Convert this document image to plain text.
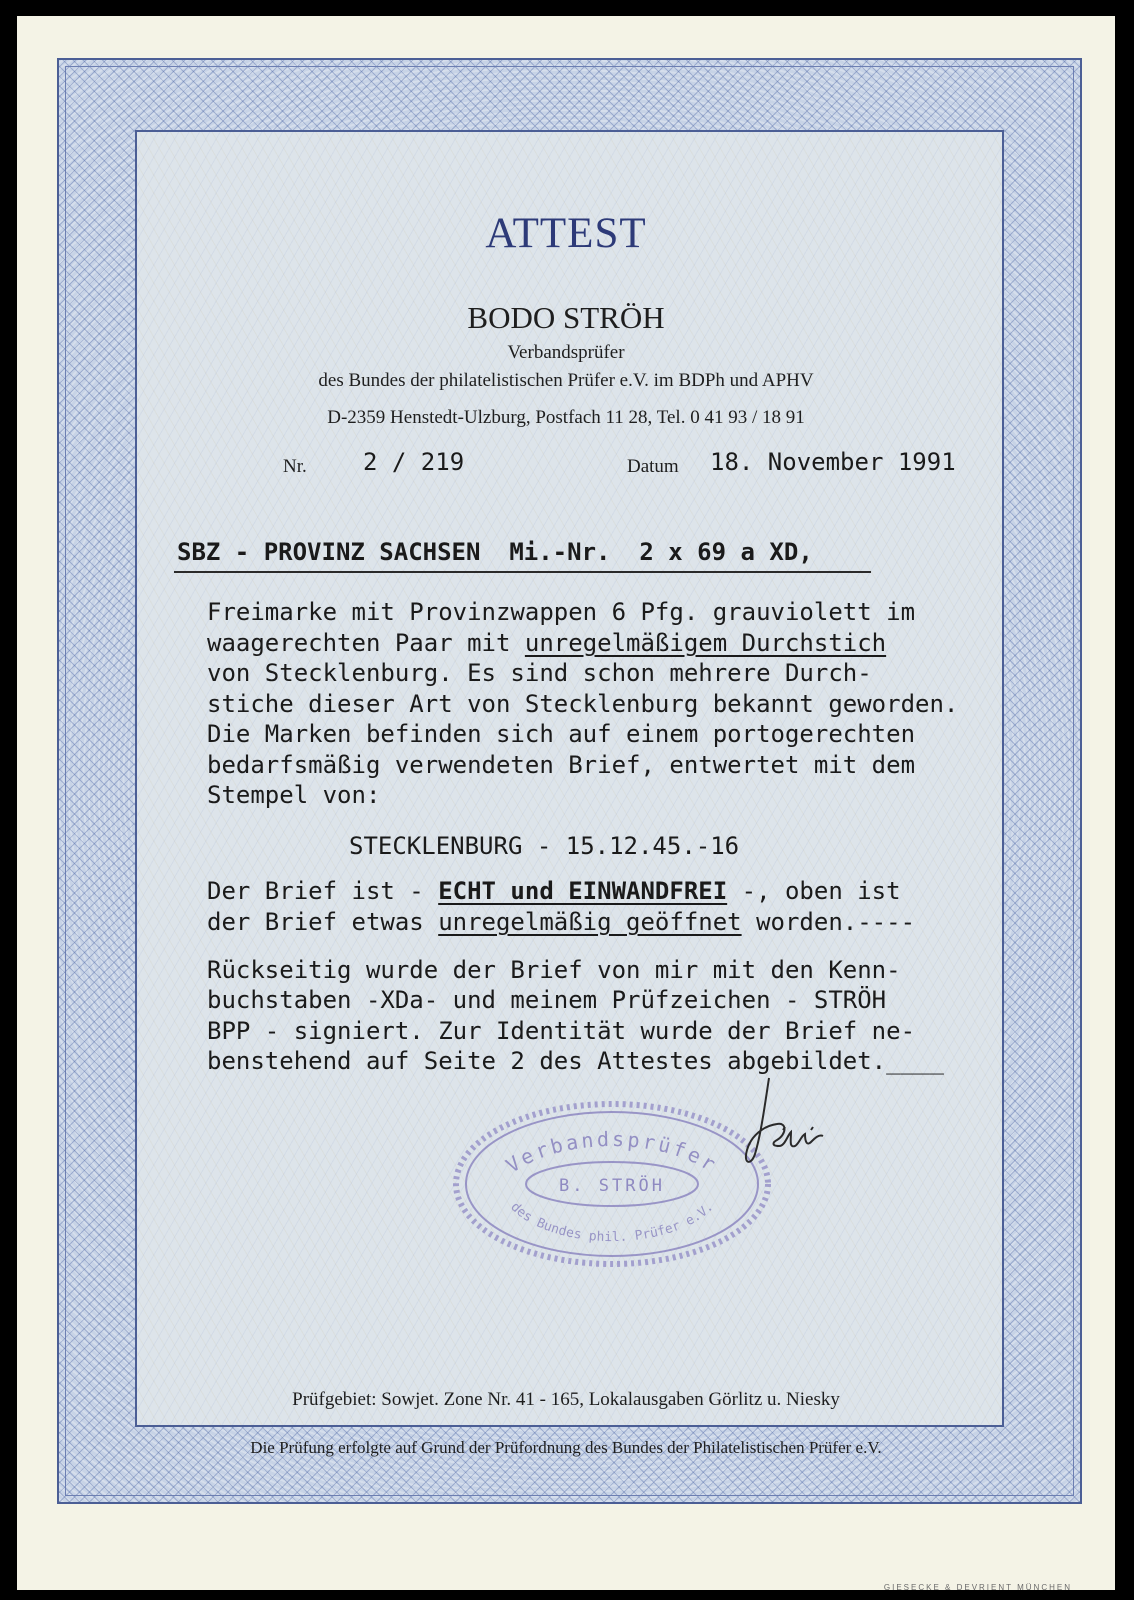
ATTEST
BODO STRÖH
Verbandsprüfer
des Bundes der philatelistischen Prüfer e.V. im BDPh und APHV
D-2359 Henstedt-Ulzburg, Postfach 11 28, Tel. 0 41 93 / 18 91
Nr. 2 / 219	Datum 18. November 1991
SBZ - PROVINZ SACHSEN  Mi.-Nr.  2 x 69 a XD,
Freimarke mit Provinzwappen 6 Pfg. grauviolett im
waagerechten Paar mit unregelmäßigem Durchstich
von Stecklenburg. Es sind schon mehrere Durch-
stiche dieser Art von Stecklenburg bekannt geworden.
Die Marken befinden sich auf einem portogerechten
bedarfsmäßig verwendeten Brief, entwertet mit dem
Stempel von:
STECKLENBURG - 15.12.45.-16
Der Brief ist - ECHT und EINWANDFREI -, oben ist
der Brief etwas unregelmäßig geöffnet worden.----
Rückseitig wurde der Brief von mir mit den Kenn-
buchstaben -XDa- und meinem Prüfzeichen - STRÖH
BPP - signiert. Zur Identität wurde der Brief ne-
benstehend auf Seite 2 des Attestes abgebildet.____
Verbandsprüfer
B. STRÖH
des Bundes phil. Prüfer e.V.
Prüfgebiet: Sowjet. Zone Nr. 41 - 165, Lokalausgaben Görlitz u. Niesky
Die Prüfung erfolgte auf Grund der Prüfordnung des Bundes der Philatelistischen Prüfer e.V.
GIESECKE & DEVRIENT MÜNCHEN
